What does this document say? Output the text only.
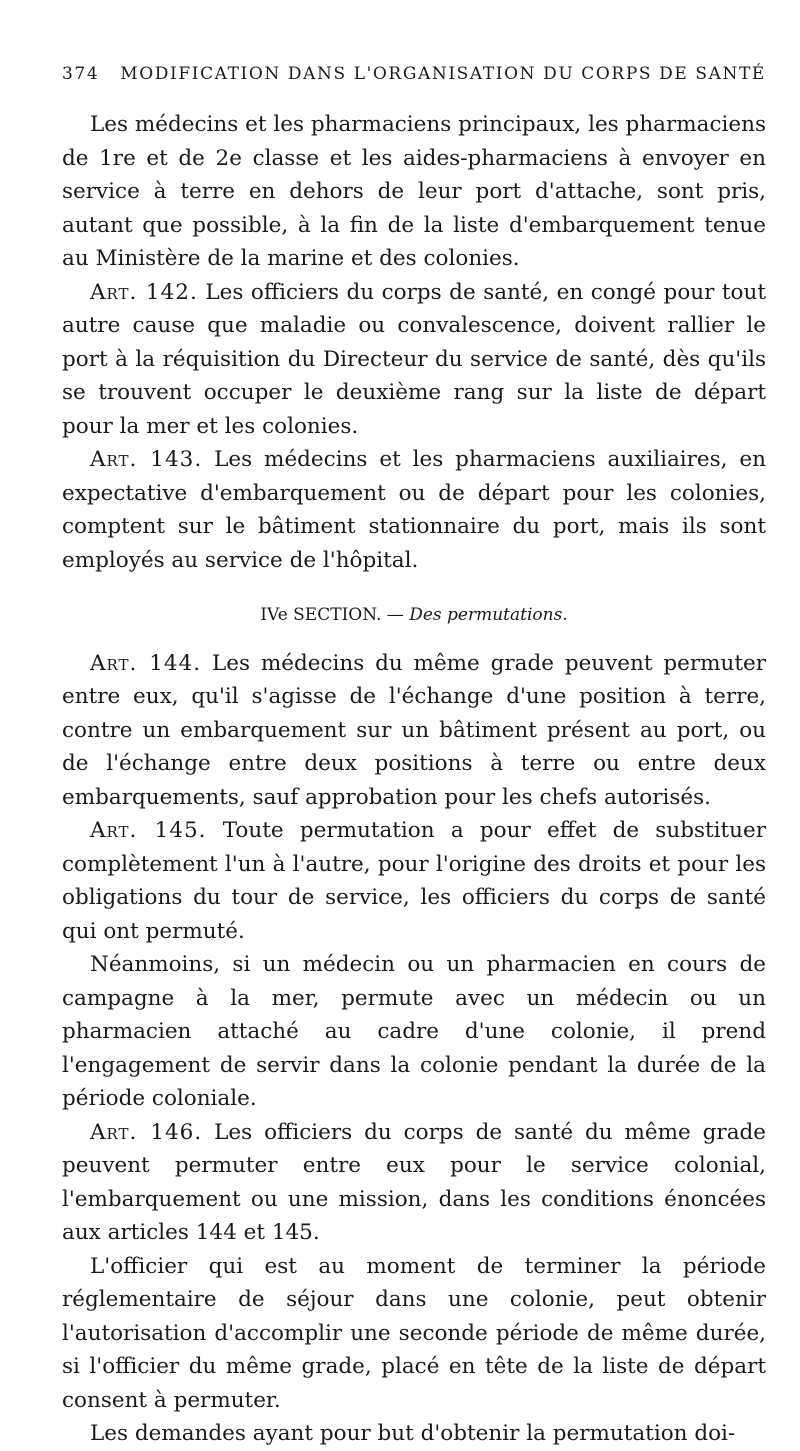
374 MODIFICATION DANS L'ORGANISATION DU CORPS DE SANTÉ

Les médecins et les pharmaciens principaux, les pharmaciens de 1re et de 2e classe et les aides-pharmaciens à envoyer en service à terre en dehors de leur port d'attache, sont pris, autant que possible, à la fin de la liste d'embarquement tenue au Ministère de la marine et des colonies.

Art. 142. Les officiers du corps de santé, en congé pour tout autre cause que maladie ou convalescence, doivent rallier le port à la réquisition du Directeur du service de santé, dès qu'ils se trouvent occuper le deuxième rang sur la liste de départ pour la mer et les colonies.

Art. 143. Les médecins et les pharmaciens auxiliaires, en expectative d'embarquement ou de départ pour les colonies, comptent sur le bâtiment stationnaire du port, mais ils sont employés au service de l'hôpital.

IVe SECTION. — Des permutations.

Art. 144. Les médecins du même grade peuvent permuter entre eux, qu'il s'agisse de l'échange d'une position à terre, contre un embarquement sur un bâtiment présent au port, ou de l'échange entre deux positions à terre ou entre deux embarquements, sauf approbation pour les chefs autorisés.

Art. 145. Toute permutation a pour effet de substituer complètement l'un à l'autre, pour l'origine des droits et pour les obligations du tour de service, les officiers du corps de santé qui ont permuté.

Néanmoins, si un médecin ou un pharmacien en cours de campagne à la mer, permute avec un médecin ou un pharmacien attaché au cadre d'une colonie, il prend l'engagement de servir dans la colonie pendant la durée de la période coloniale.

Art. 146. Les officiers du corps de santé du même grade peuvent permuter entre eux pour le service colonial, l'embarquement ou une mission, dans les conditions énoncées aux articles 144 et 145.

L'officier qui est au moment de terminer la période réglementaire de séjour dans une colonie, peut obtenir l'autorisation d'accomplir une seconde période de même durée, si l'officier du même grade, placé en tête de la liste de départ consent à permuter.

Les demandes ayant pour but d'obtenir la permutation doi-
